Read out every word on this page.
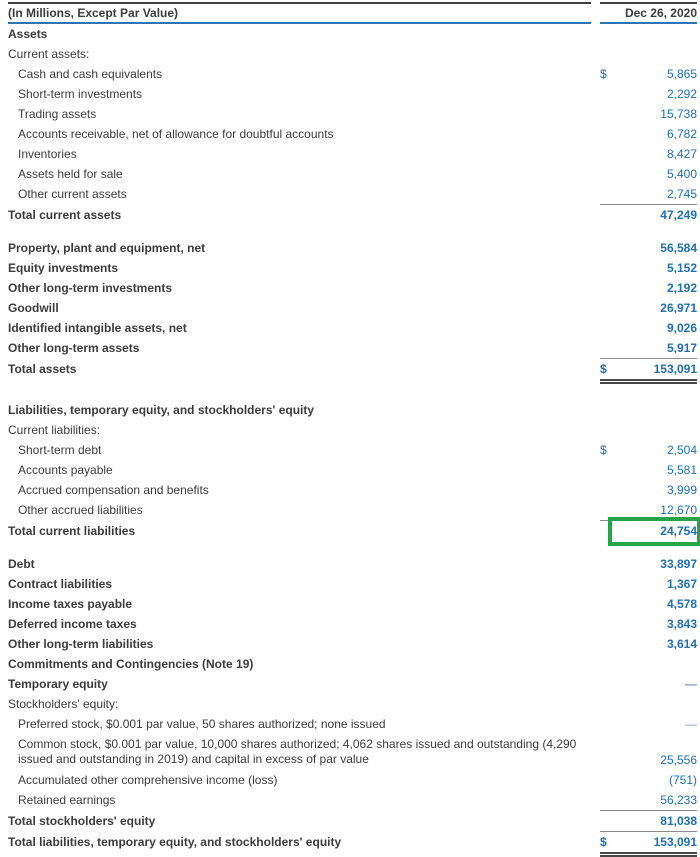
(In Millions, Except Par Value)	Dec 26, 2020
Assets
Current assets:
Cash and cash equivalents	$	5,865
Short-term investments	2,292
Trading assets	15,738
Accounts receivable, net of allowance for doubtful accounts	6,782
Inventories	8,427
Assets held for sale	5,400
Other current assets	2,745
Total current assets	47,249
Property, plant and equipment, net	56,584
Equity investments	5,152
Other long-term investments	2,192
Goodwill	26,971
Identified intangible assets, net	9,026
Other long-term assets	5,917
Total assets	$	153,091
Liabilities, temporary equity, and stockholders' equity
Current liabilities:
Short-term debt	$	2,504
Accounts payable	5,581
Accrued compensation and benefits	3,999
Other accrued liabilities	12,670
Total current liabilities	24,754
Debt	33,897
Contract liabilities	1,367
Income taxes payable	4,578
Deferred income taxes	3,843
Other long-term liabilities	3,614
Commitments and Contingencies (Note 19)
Temporary equity	—
Stockholders' equity:
Preferred stock, $0.001 par value, 50 shares authorized; none issued	—
Common stock, $0.001 par value, 10,000 shares authorized; 4,062 shares issued and outstanding (4,290 issued and outstanding in 2019) and capital in excess of par value	25,556
Accumulated other comprehensive income (loss)	(751)
Retained earnings	56,233
Total stockholders' equity	81,038
Total liabilities, temporary equity, and stockholders' equity	$	153,091
